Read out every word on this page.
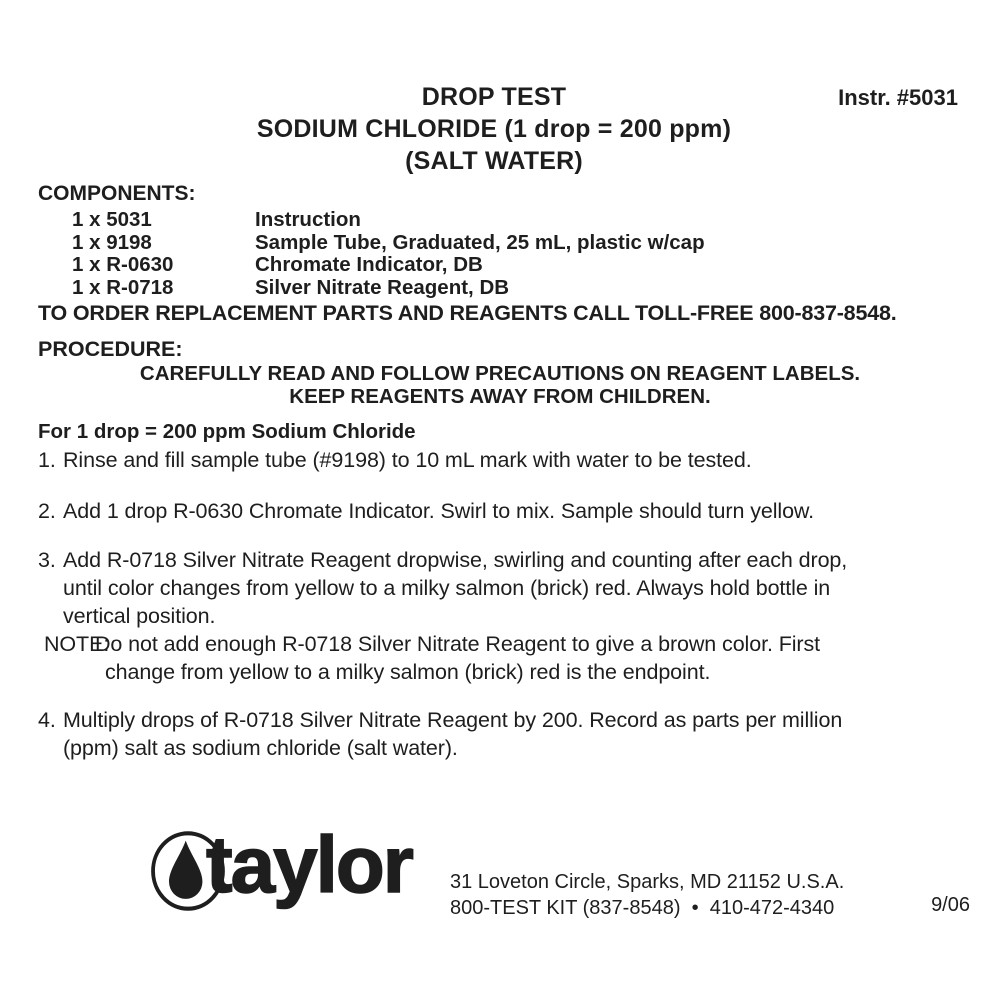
DROP TEST
SODIUM CHLORIDE (1 drop = 200 ppm)
(SALT WATER)
Instr. #5031
COMPONENTS:
1 x 5031	Instruction
1 x 9198	Sample Tube, Graduated, 25 mL, plastic w/cap
1 x R-0630	Chromate Indicator, DB
1 x R-0718	Silver Nitrate Reagent, DB
TO ORDER REPLACEMENT PARTS AND REAGENTS CALL TOLL-FREE 800-837-8548.
PROCEDURE:
CAREFULLY READ AND FOLLOW PRECAUTIONS ON REAGENT LABELS.
KEEP REAGENTS AWAY FROM CHILDREN.
For 1 drop = 200 ppm Sodium Chloride
1. Rinse and fill sample tube (#9198) to 10 mL mark with water to be tested.
2. Add 1 drop R-0630 Chromate Indicator. Swirl to mix. Sample should turn yellow.
3. Add R-0718 Silver Nitrate Reagent dropwise, swirling and counting after each drop,
until color changes from yellow to a milky salmon (brick) red. Always hold bottle in
vertical position.
NOTE:
Do not add enough R-0718 Silver Nitrate Reagent to give a brown color. First
change from yellow to a milky salmon (brick) red is the endpoint.
4. Multiply drops of R-0718 Silver Nitrate Reagent by 200. Record as parts per million
(ppm) salt as sodium chloride (salt water).
taylor 31 Loveton Circle, Sparks, MD 21152 U.S.A.
800-TEST KIT (837-8548)  •  410-472-4340	9/06
